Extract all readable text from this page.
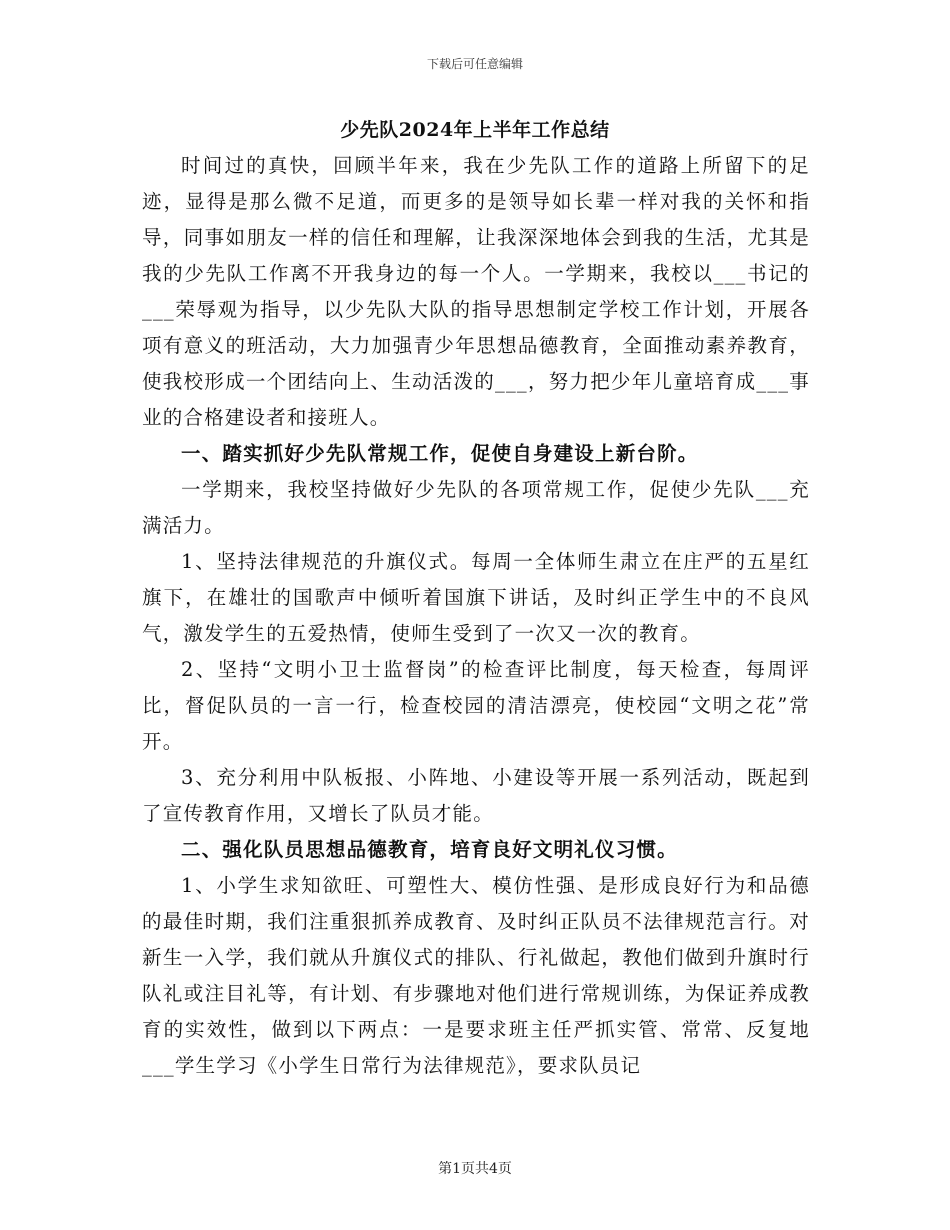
下载后可任意编辑
少先队2024年上半年工作总结

时间过的真快，回顾半年来，我在少先队工作的道路上所留下的足迹，显得是那么微不足道，而更多的是领导如长辈一样对我的关怀和指导，同事如朋友一样的信任和理解，让我深深地体会到我的生活，尤其是我的少先队工作离不开我身边的每一个人。一学期来，我校以___书记的___荣辱观为指导，以少先队大队的指导思想制定学校工作计划，开展各项有意义的班活动，大力加强青少年思想品德教育，全面推动素养教育，使我校形成一个团结向上、生动活泼的___，努力把少年儿童培育成___事业的合格建设者和接班人。

一、踏实抓好少先队常规工作，促使自身建设上新台阶。

一学期来，我校坚持做好少先队的各项常规工作，促使少先队___充满活力。

1、坚持法律规范的升旗仪式。每周一全体师生肃立在庄严的五星红旗下，在雄壮的国歌声中倾听着国旗下讲话，及时纠正学生中的不良风气，激发学生的五爱热情，使师生受到了一次又一次的教育。

2、坚持“文明小卫士监督岗”的检查评比制度，每天检查，每周评比，督促队员的一言一行，检查校园的清洁漂亮，使校园“文明之花”常开。

3、充分利用中队板报、小阵地、小建设等开展一系列活动，既起到了宣传教育作用，又增长了队员才能。

二、强化队员思想品德教育，培育良好文明礼仪习惯。

1、小学生求知欲旺、可塑性大、模仿性强、是形成良好行为和品德的最佳时期，我们注重狠抓养成教育、及时纠正队员不法律规范言行。对新生一入学，我们就从升旗仪式的排队、行礼做起，教他们做到升旗时行队礼或注目礼等，有计划、有步骤地对他们进行常规训练，为保证养成教育的实效性，做到以下两点：一是要求班主任严抓实管、常常、反复地___学生学习《小学生日常行为法律规范》，要求队员记

第1页共4页
